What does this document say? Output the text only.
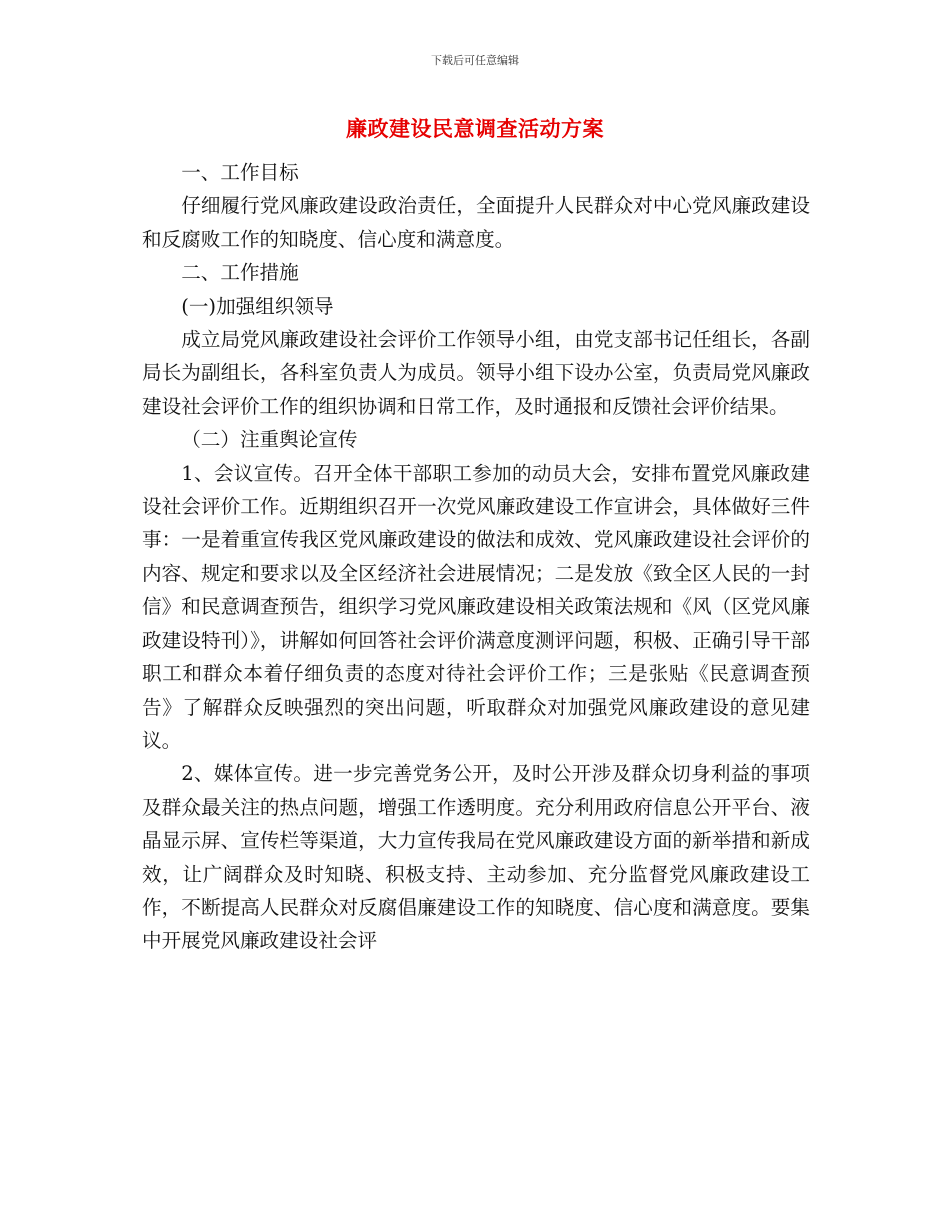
下载后可任意编辑
廉政建设民意调查活动方案

一、工作目标

仔细履行党风廉政建设政治责任，全面提升人民群众对中心党风廉政建设和反腐败工作的知晓度、信心度和满意度。

二、工作措施

(一)加强组织领导

成立局党风廉政建设社会评价工作领导小组，由党支部书记任组长，各副局长为副组长，各科室负责人为成员。领导小组下设办公室，负责局党风廉政建设社会评价工作的组织协调和日常工作，及时通报和反馈社会评价结果。

（二）注重舆论宣传

1、会议宣传。召开全体干部职工参加的动员大会，安排布置党风廉政建设社会评价工作。近期组织召开一次党风廉政建设工作宣讲会，具体做好三件事：一是着重宣传我区党风廉政建设的做法和成效、党风廉政建设社会评价的内容、规定和要求以及全区经济社会进展情况；二是发放《致全区人民的一封信》和民意调查预告，组织学习党风廉政建设相关政策法规和《风（区党风廉政建设特刊）》，讲解如何回答社会评价满意度测评问题，积极、正确引导干部职工和群众本着仔细负责的态度对待社会评价工作；三是张贴《民意调查预告》了解群众反映强烈的突出问题，听取群众对加强党风廉政建设的意见建议。

2、媒体宣传。进一步完善党务公开，及时公开涉及群众切身利益的事项及群众最关注的热点问题，增强工作透明度。充分利用政府信息公开平台、液晶显示屏、宣传栏等渠道，大力宣传我局在党风廉政建设方面的新举措和新成效，让广阔群众及时知晓、积极支持、主动参加、充分监督党风廉政建设工作，不断提高人民群众对反腐倡廉建设工作的知晓度、信心度和满意度。要集中开展党风廉政建设社会评
